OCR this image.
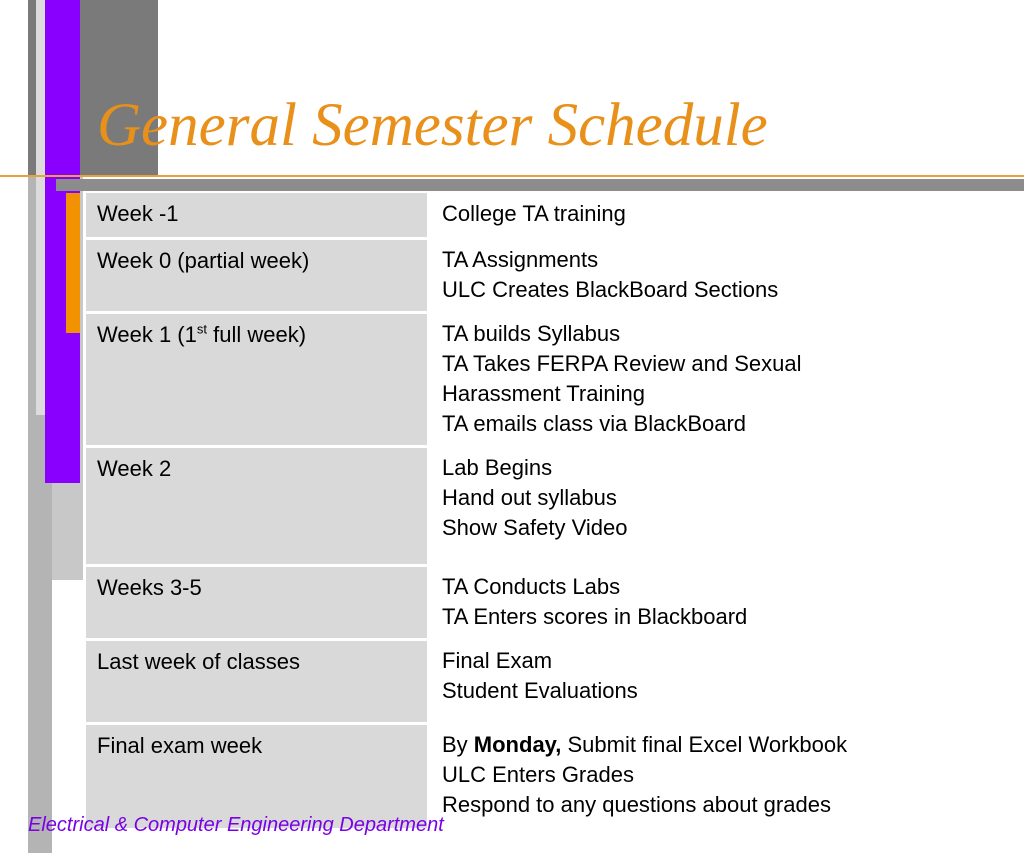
General Semester Schedule
Week -1	College TA training

Week 0 (partial week)	TA Assignments
ULC Creates BlackBoard Sections

Week 1 (1st full week)	TA builds Syllabus
TA Takes FERPA Review and Sexual
Harassment Training
TA emails class via BlackBoard

Week 2	Lab Begins
Hand out syllabus
Show Safety Video

Weeks 3-5	TA Conducts Labs
TA Enters scores in Blackboard

Last week of classes	Final Exam
Student Evaluations

Final exam week	By Monday, Submit final Excel Workbook
ULC Enters Grades
Respond to any questions about grades
Electrical & Computer Engineering Department
